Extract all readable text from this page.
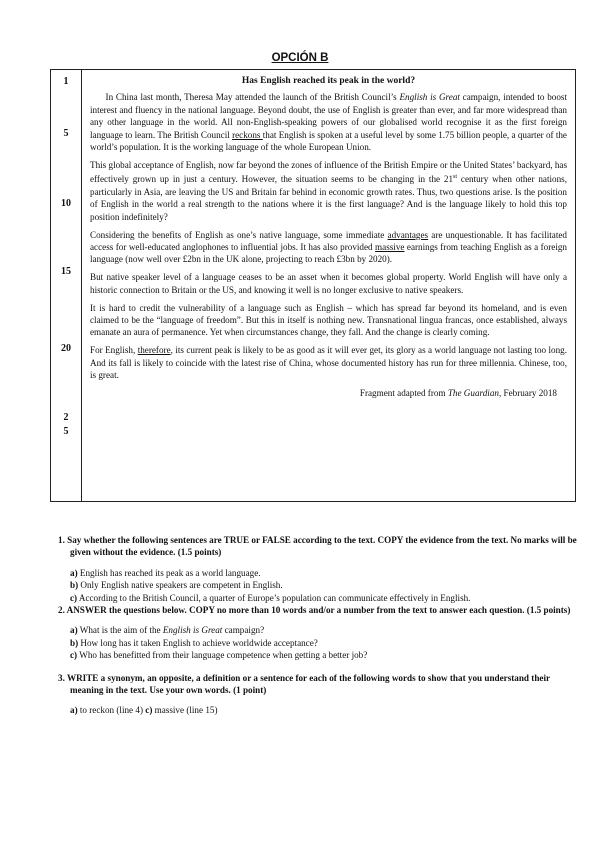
OPCIÓN B
1
5
10
15
20
2
5

Has English reached its peak in the world?

In China last month, Theresa May attended the launch of the British Council’s English is Great campaign, intended to boost interest and fluency in the national language. Beyond doubt, the use of English is greater than ever, and far more widespread than any other language in the world. All non-English-speaking powers of our globalised world recognise it as the first foreign language to learn. The British Council reckons that English is spoken at a useful level by some 1.75 billion people, a quarter of the world’s population. It is the working language of the whole European Union.

This global acceptance of English, now far beyond the zones of influence of the British Empire or the United States’ backyard, has effectively grown up in just a century. However, the situation seems to be changing in the 21st century when other nations, particularly in Asia, are leaving the US and Britain far behind in economic growth rates. Thus, two questions arise. Is the position of English in the world a real strength to the nations where it is the first language? And is the language likely to hold this top position indefinitely?

Considering the benefits of English as one’s native language, some immediate advantages are unquestionable. It has facilitated access for well-educated anglophones to influential jobs. It has also provided massive earnings from teaching English as a foreign language (now well over £2bn in the UK alone, projecting to reach £3bn by 2020).

But native speaker level of a language ceases to be an asset when it becomes global property. World English will have only a historic connection to Britain or the US, and knowing it well is no longer exclusive to native speakers.

It is hard to credit the vulnerability of a language such as English – which has spread far beyond its homeland, and is even claimed to be the “language of freedom”. But this in itself is nothing new. Transnational lingua francas, once established, always emanate an aura of permanence. Yet when circumstances change, they fall. And the change is clearly coming.

For English, therefore, its current peak is likely to be as good as it will ever get, its glory as a world language not lasting too long. And its fall is likely to coincide with the latest rise of China, whose documented history has run for three millennia. Chinese, too, is great.

Fragment adapted from The Guardian, February 2018

1. Say whether the following sentences are TRUE or FALSE according to the text. COPY the evidence from the text. No marks will be given without the evidence. (1.5 points)

a) English has reached its peak as a world language.
b) Only English native speakers are competent in English.
c) According to the British Council, a quarter of Europe’s population can communicate effectively in English.

2. ANSWER the questions below. COPY no more than 10 words and/or a number from the text to answer each question. (1.5 points)

a) What is the aim of the English is Great campaign?
b) How long has it taken English to achieve worldwide acceptance?
c) Who has benefitted from their language competence when getting a better job?

3. WRITE a synonym, an opposite, a definition or a sentence for each of the following words to show that you understand their meaning in the text. Use your own words. (1 point)

a) to reckon (line 4) c) massive (line 15)
